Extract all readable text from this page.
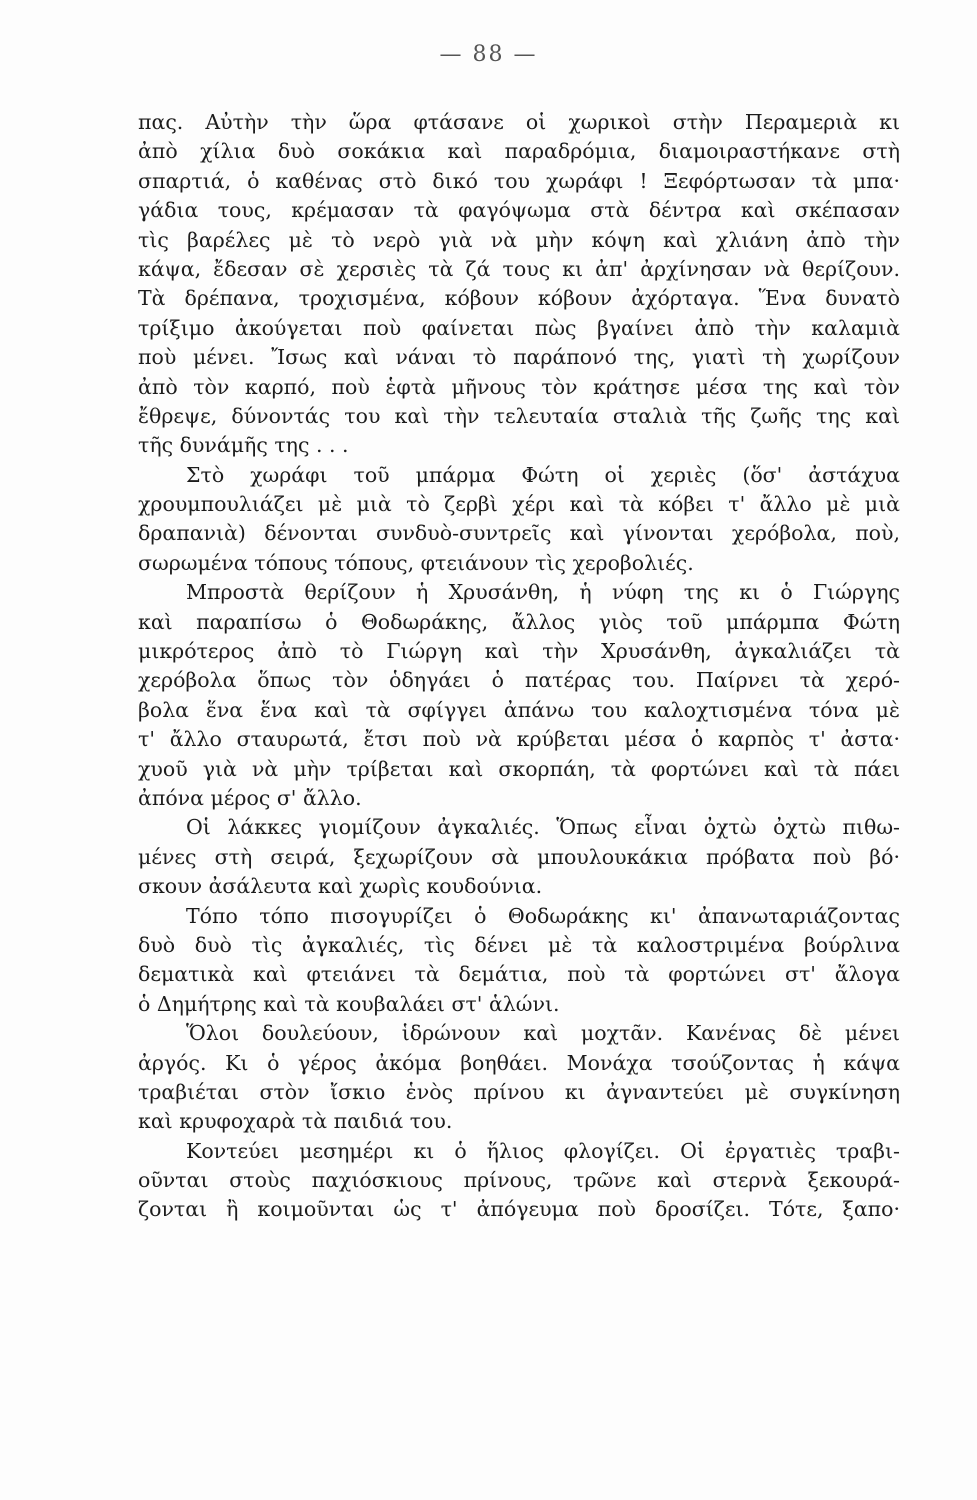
— 88 —
πας. Αὐτὴν τὴν ὥρα φτάσανε οἱ χωρικοὶ στὴν Περαμεριὰ κι
ἀπὸ χίλια δυὸ σοκάκια καὶ παραδρόμια, διαμοιραστήκανε στὴ
σπαρτιά, ὁ καθένας στὸ δικό του χωράφι ! Ξεφόρτωσαν τὰ μπα·
γάδια τους, κρέμασαν τὰ φαγόψωμα στὰ δέντρα καὶ σκέπασαν
τὶς βαρέλες μὲ τὸ νερὸ γιὰ νὰ μὴν κόψη καὶ χλιάνη ἀπὸ τὴν
κάψα, ἔδεσαν σὲ χερσιὲς τὰ ζά τους κι ἀπ' ἀρχίνησαν νὰ θερίζουν.
Τὰ δρέπανα, τροχισμένα, κόβουν κόβουν ἀχόρταγα. Ἕνα δυνατὸ
τρίξιμο ἀκούγεται ποὺ φαίνεται πὼς βγαίνει ἀπὸ τὴν καλαμιὰ
ποὺ μένει. Ἴσως καὶ νάναι τὸ παράπονό της, γιατὶ τὴ χωρίζουν
ἀπὸ τὸν καρπό, ποὺ ἑφτὰ μῆνους τὸν κράτησε μέσα της καὶ τὸν
ἔθρεψε, δύνοντάς του καὶ τὴν τελευταία σταλιὰ τῆς ζωῆς της καὶ
τῆς δυνάμῆς της . . .
Στὸ χωράφι τοῦ μπάρμα Φώτη οἱ χεριὲς (ὅσ' ἀστάχυα
χρουμπουλιάζει μὲ μιὰ τὸ ζερβὶ χέρι καὶ τὰ κόβει τ' ἄλλο μὲ μιὰ
δραπανιὰ) δένονται συνδυὸ-συντρεῖς καὶ γίνονται χερόβολα, ποὺ,
σωρωμένα τόπους τόπους, φτειάνουν τὶς χεροβολιές.
Μπροστὰ θερίζουν ἡ Χρυσάνθη, ἡ νύφη της κι ὁ Γιώργης
καὶ παραπίσω ὁ Θοδωράκης, ἄλλος γιὸς τοῦ μπάρμπα Φώτη
μικρότερος ἀπὸ τὸ Γιώργη καὶ τὴν Χρυσάνθη, ἀγκαλιάζει τὰ
χερόβολα ὅπως τὸν ὁδηγάει ὁ πατέρας του. Παίρνει τὰ χερό-
βολα ἕνα ἕνα καὶ τὰ σφίγγει ἀπάνω του καλοχτισμένα τόνα μὲ
τ' ἄλλο σταυρωτά, ἔτσι ποὺ νὰ κρύβεται μέσα ὁ καρπὸς τ' ἀστα·
χυοῦ γιὰ νὰ μὴν τρίβεται καὶ σκορπάη, τὰ φορτώνει καὶ τὰ πάει
ἀπόνα μέρος σ' ἄλλο.
Οἱ λάκκες γιομίζουν ἀγκαλιές. Ὅπως εἶναι ὀχτὼ ὀχτὼ πιθω-
μένες στὴ σειρά, ξεχωρίζουν σὰ μπουλουκάκια πρόβατα ποὺ βό·
σκουν ἀσάλευτα καὶ χωρὶς κουδούνια.
Τόπο τόπο πισογυρίζει ὁ Θοδωράκης κι' ἀπανωταριάζοντας
δυὸ δυὸ τὶς ἀγκαλιές, τὶς δένει μὲ τὰ καλοστριμένα βούρλινα
δεματικὰ καὶ φτειάνει τὰ δεμάτια, ποὺ τὰ φορτώνει στ' ἄλογα
ὁ Δημήτρης καὶ τὰ κουβαλάει στ' ἁλώνι.
Ὅλοι δουλεύουν, ἱδρώνουν καὶ μοχτᾶν. Κανένας δὲ μένει
ἀργός. Κι ὁ γέρος ἀκόμα βοηθάει. Μονάχα τσούζοντας ἡ κάψα
τραβιέται στὸν ἴσκιο ἑνὸς πρίνου κι ἀγναντεύει μὲ συγκίνηση
καὶ κρυφοχαρὰ τὰ παιδιά του.
Κοντεύει μεσημέρι κι ὁ ἥλιος φλογίζει. Οἱ ἐργατιὲς τραβι-
οῦνται στοὺς παχιόσκιους πρίνους, τρῶνε καὶ στερνὰ ξεκουρά-
ζονται ἢ κοιμοῦνται ὡς τ' ἀπόγευμα ποὺ δροσίζει. Τότε, ξαπο·
